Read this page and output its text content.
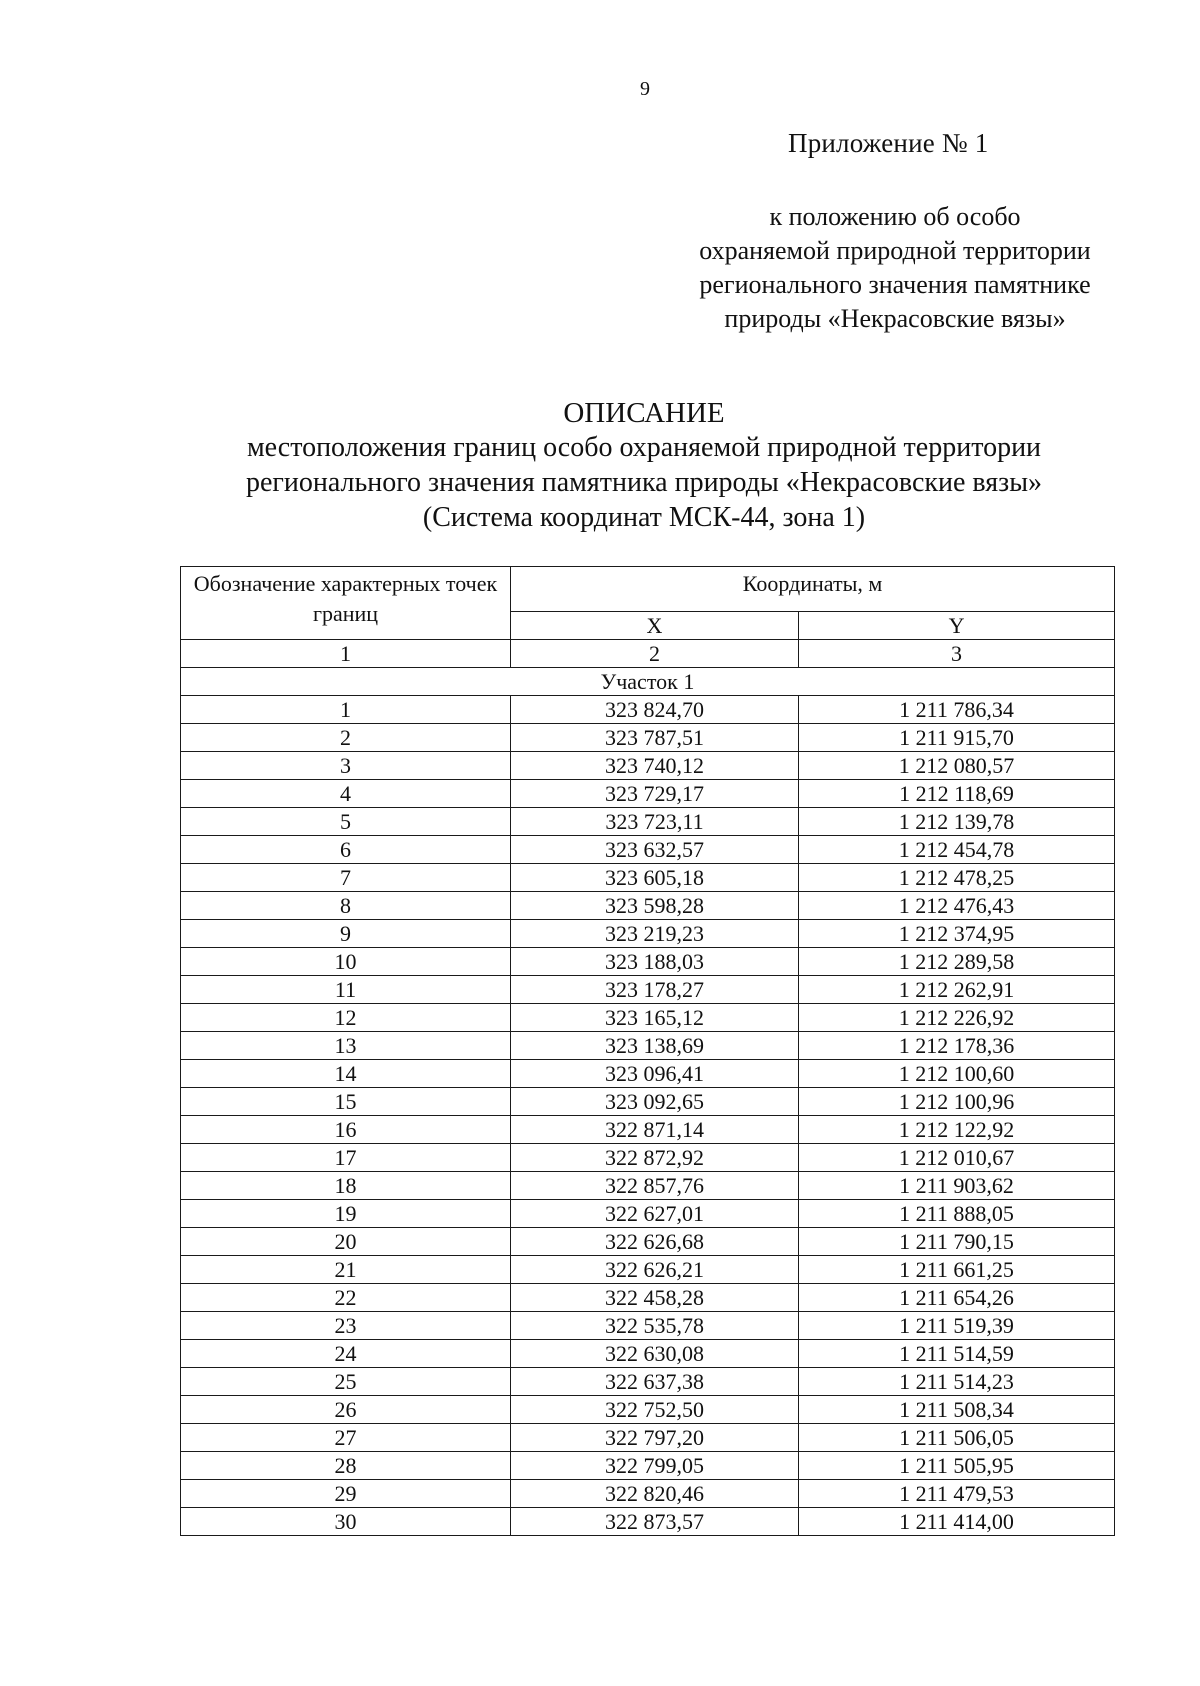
9
Приложение № 1
к положению об особо
охраняемой природной территории
регионального значения памятнике
природы «Некрасовские вязы»
ОПИСАНИЕ
местоположения границ особо охраняемой природной территории
регионального значения памятника природы «Некрасовские вязы»
(Система координат МСК-44, зона 1)
Обозначение характерных точек границ	Координаты, м	
	X	Y
1	2	3
Участок 1		
1	323 824,70	1 211 786,34
2	323 787,51	1 211 915,70
3	323 740,12	1 212 080,57
4	323 729,17	1 212 118,69
5	323 723,11	1 212 139,78
6	323 632,57	1 212 454,78
7	323 605,18	1 212 478,25
8	323 598,28	1 212 476,43
9	323 219,23	1 212 374,95
10	323 188,03	1 212 289,58
11	323 178,27	1 212 262,91
12	323 165,12	1 212 226,92
13	323 138,69	1 212 178,36
14	323 096,41	1 212 100,60
15	323 092,65	1 212 100,96
16	322 871,14	1 212 122,92
17	322 872,92	1 212 010,67
18	322 857,76	1 211 903,62
19	322 627,01	1 211 888,05
20	322 626,68	1 211 790,15
21	322 626,21	1 211 661,25
22	322 458,28	1 211 654,26
23	322 535,78	1 211 519,39
24	322 630,08	1 211 514,59
25	322 637,38	1 211 514,23
26	322 752,50	1 211 508,34
27	322 797,20	1 211 506,05
28	322 799,05	1 211 505,95
29	322 820,46	1 211 479,53
30	322 873,57	1 211 414,00
